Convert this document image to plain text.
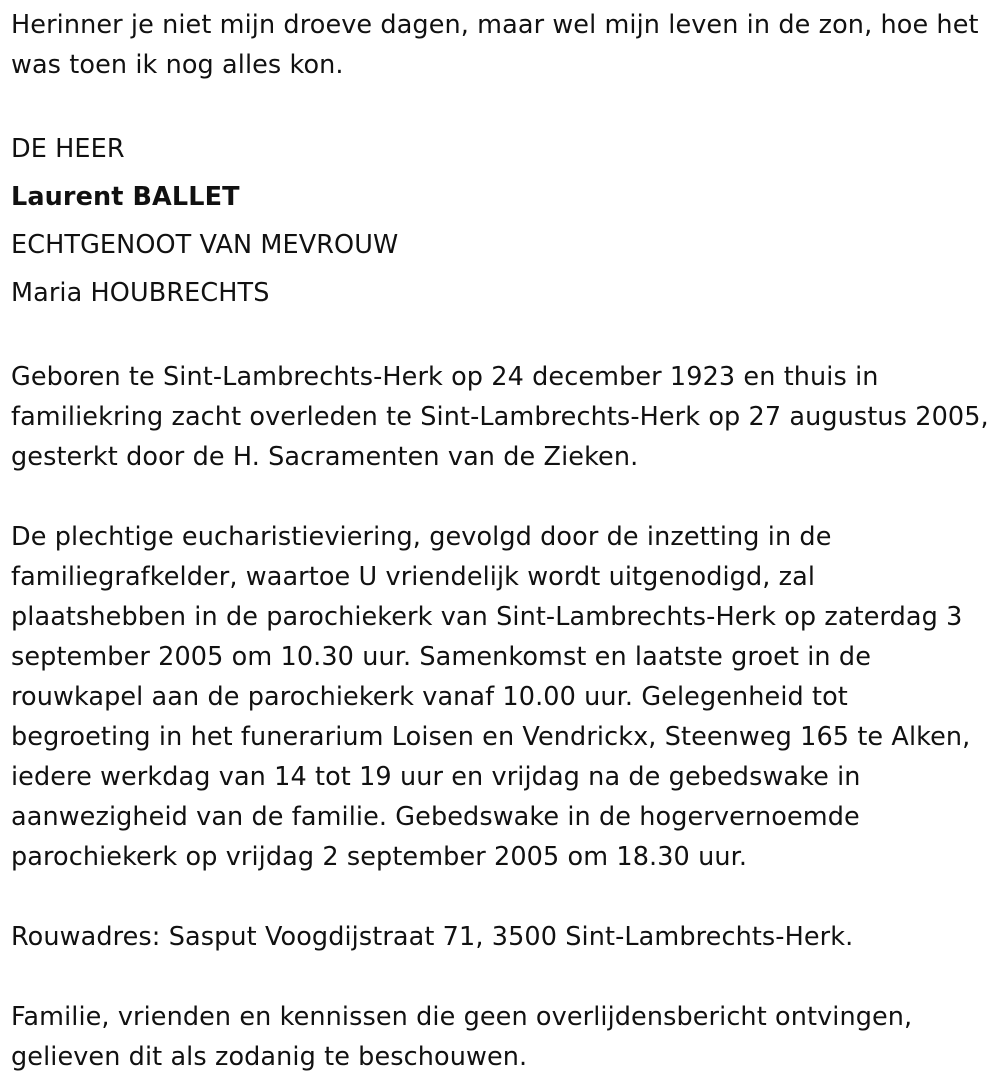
Herinner je niet mijn droeve dagen, maar wel mijn leven in de zon, hoe het was toen ik nog alles kon.

DE HEER

Laurent BALLET

ECHTGENOOT VAN MEVROUW

Maria HOUBRECHTS

Geboren te Sint-Lambrechts-Herk op 24 december 1923 en thuis in familiekring zacht overleden te Sint-Lambrechts-Herk op 27 augustus 2005, gesterkt door de H. Sacramenten van de Zieken.

De plechtige eucharistieviering, gevolgd door de inzetting in de familiegrafkelder, waartoe U vriendelijk wordt uitgenodigd, zal plaatshebben in de parochiekerk van Sint-Lambrechts-Herk op zaterdag 3 september 2005 om 10.30 uur. Samenkomst en laatste groet in de rouwkapel aan de parochiekerk vanaf 10.00 uur. Gelegenheid tot begroeting in het funerarium Loisen en Vendrickx, Steenweg 165 te Alken, iedere werkdag van 14 tot 19 uur en vrijdag na de gebedswake in aanwezigheid van de familie. Gebedswake in de hogervernoemde parochiekerk op vrijdag 2 september 2005 om 18.30 uur.

Rouwadres: Sasput Voogdijstraat 71, 3500 Sint-Lambrechts-Herk.

Familie, vrienden en kennissen die geen overlijdensbericht ontvingen, gelieven dit als zodanig te beschouwen.
